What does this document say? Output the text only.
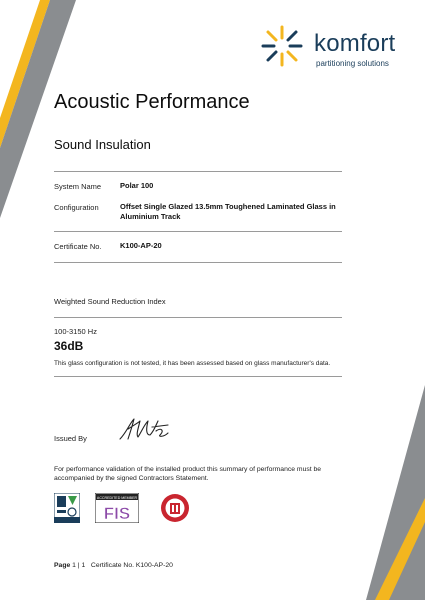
komfort
partitioning solutions
Acoustic Performance
Sound Insulation
System Name	Polar 100
Configuration	Offset Single Glazed 13.5mm Toughened Laminated Glass in
Aluminium Track
Certificate No. K100-AP-20
Weighted Sound Reduction Index
100-3150 Hz
36dB
This glass configuration is not tested, it has been assessed based on glass manufacturer's data.
Issued By
For performance validation of the installed product this summary of performance must be
accompanied by the signed Contractors Statement.
ACCREDITED MEMBER
FIS
Page 1 | 1 Certificate No. K100-AP-20
